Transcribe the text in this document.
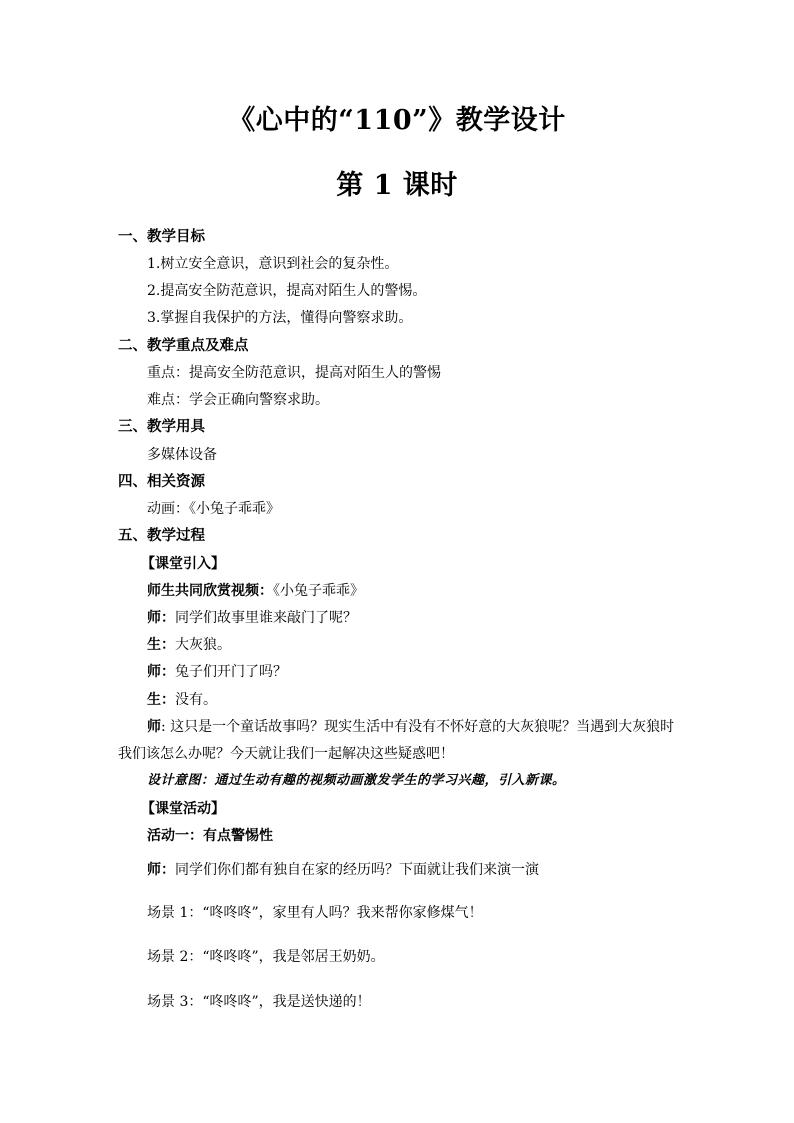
《心中的“110”》教学设计
第 1 课时
一、教学目标
1.树立安全意识，意识到社会的复杂性。
2.提高安全防范意识，提高对陌生人的警惕。
3.掌握自我保护的方法，懂得向警察求助。
二、教学重点及难点
重点：提高安全防范意识，提高对陌生人的警惕
难点：学会正确向警察求助。
三、教学用具
多媒体设备
四、相关资源
动画：《小兔子乖乖》
五、教学过程
【课堂引入】
师生共同欣赏视频：《小兔子乖乖》
师：同学们故事里谁来敲门了呢？
生：大灰狼。
师：兔子们开门了吗？
生：没有。
师: 这只是一个童话故事吗？现实生活中有没有不怀好意的大灰狼呢？当遇到大灰狼时
我们该怎么办呢？今天就让我们一起解决这些疑惑吧！
设计意图：通过生动有趣的视频动画激发学生的学习兴趣，引入新课。
【课堂活动】
活动一：有点警惕性
师：同学们你们都有独自在家的经历吗？下面就让我们来演一演
场景 1：“咚咚咚”，家里有人吗？我来帮你家修煤气！
场景 2：“咚咚咚”，我是邻居王奶奶。
场景 3：“咚咚咚”，我是送快递的！
